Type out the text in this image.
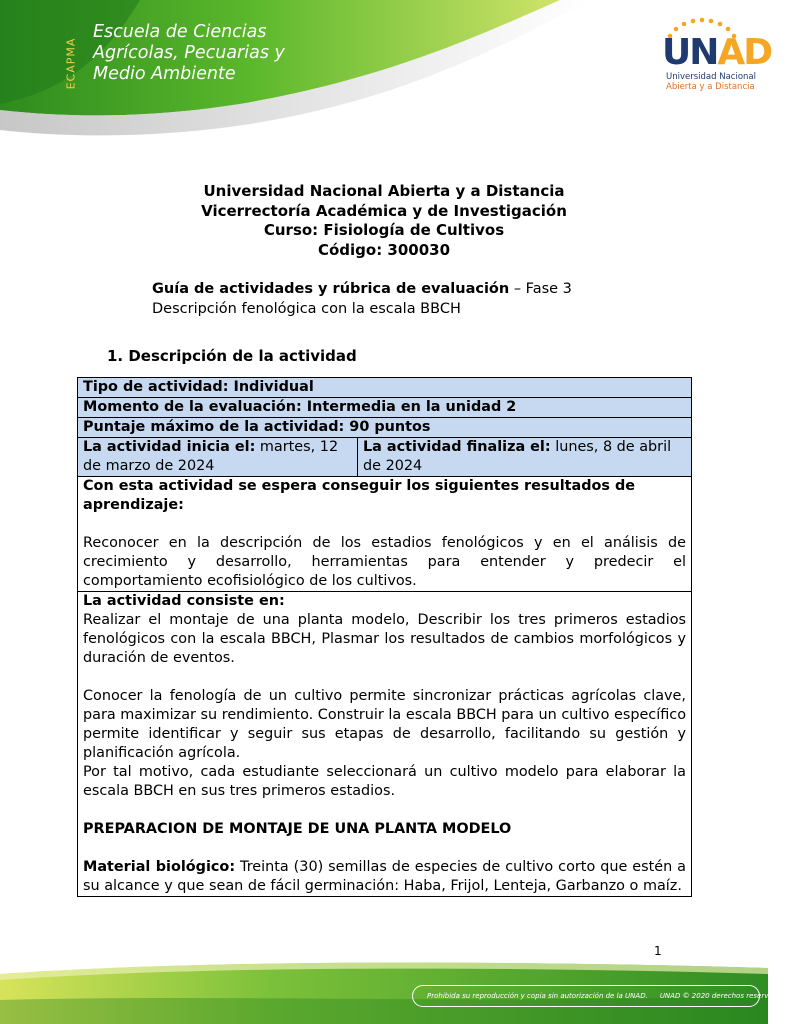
ECAPMA
Escuela de Ciencias
Agrícolas, Pecuarias y
Medio Ambiente
UNAD
Universidad Nacional
Abierta y a Distancia
Universidad Nacional Abierta y a Distancia
Vicerrectoría Académica y de Investigación
Curso: Fisiología de Cultivos
Código: 300030
Guía de actividades y rúbrica de evaluación – Fase 3
Descripción fenológica con la escala BBCH
1. Descripción de la actividad
Tipo de actividad: Individual
Momento de la evaluación: Intermedia en la unidad 2
Puntaje máximo de la actividad: 90 puntos
La actividad inicia el: martes, 12 de marzo de 2024	La actividad finaliza el: lunes, 8 de abril de 2024

Con esta actividad se espera conseguir los siguientes resultados de aprendizaje:
Reconocer en la descripción de los estadios fenológicos y en el análisis de crecimiento y desarrollo, herramientas para entender y predecir el comportamiento ecofisiológico de los cultivos.

La actividad consiste en:
Realizar el montaje de una planta modelo, Describir los tres primeros estadios fenológicos con la escala BBCH, Plasmar los resultados de cambios morfológicos y duración de eventos.
Conocer la fenología de un cultivo permite sincronizar prácticas agrícolas clave, para maximizar su rendimiento. Construir la escala BBCH para un cultivo específico permite identificar y seguir sus etapas de desarrollo, facilitando su gestión y planificación agrícola.
Por tal motivo, cada estudiante seleccionará un cultivo modelo para elaborar la escala BBCH en sus tres primeros estadios.
PREPARACION DE MONTAJE DE UNA PLANTA MODELO
Material biológico: Treinta (30) semillas de especies de cultivo corto que estén a su alcance y que sean de fácil germinación: Haba, Frijol, Lenteja, Garbanzo o maíz.
1
Prohibida su reproducción y copia sin autorización de la UNAD. UNAD © 2020 derechos reservados.
